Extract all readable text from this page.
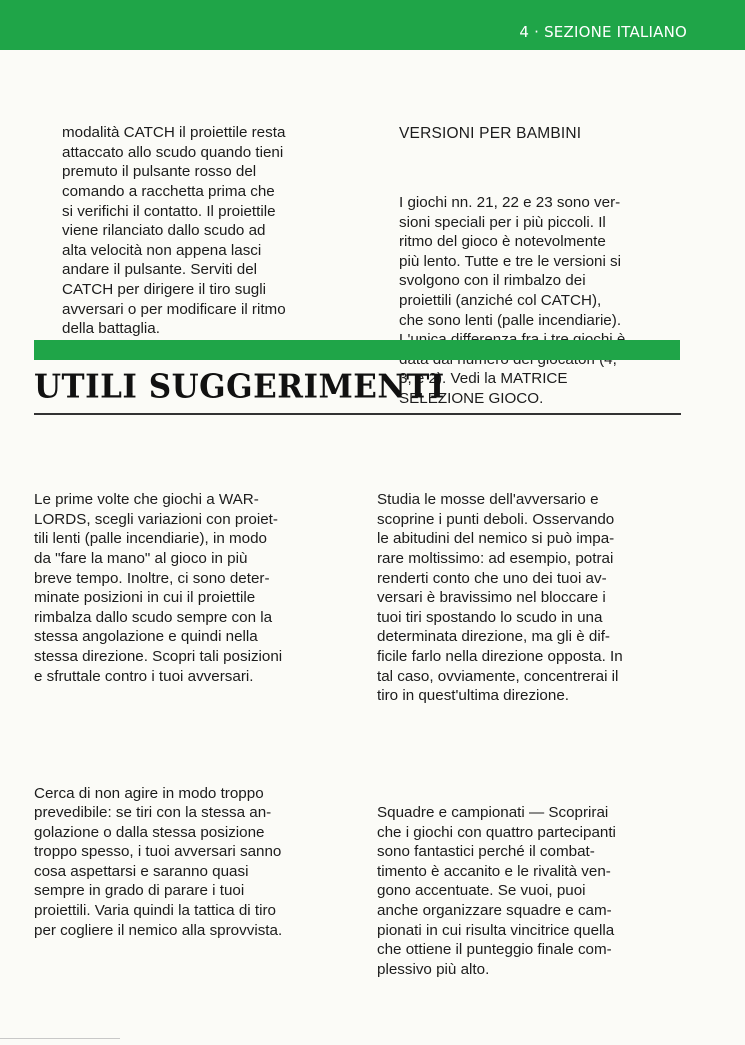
4 · SEZIONE ITALIANO

modalità CATCH il proiettile resta
attaccato allo scudo quando tieni
premuto il pulsante rosso del
comando a racchetta prima che
si verifichi il contatto. Il proiettile
viene rilanciato dallo scudo ad
alta velocità non appena lasci
andare il pulsante. Serviti del
CATCH per dirigere il tiro sugli
avversari o per modificare il ritmo
della battaglia.

VERSIONI PER BAMBINI

I giochi nn. 21, 22 e 23 sono ver-
sioni speciali per i più piccoli. Il
ritmo del gioco è notevolmente
più lento. Tutte e tre le versioni si
svolgono con il rimbalzo dei
proiettili (anziché col CATCH),
che sono lenti (palle incendiarie).
3, e 2). Vedi la MATRICE
SELEZIONE GIOCO.

UTILI SUGGERIMENTI

Le prime volte che giochi a WAR-
LORDS, scegli variazioni con proiet-
tili lenti (palle incendiarie), in modo
da "fare la mano" al gioco in più
breve tempo. Inoltre, ci sono deter-
minate posizioni in cui il proiettile
rimbalza dallo scudo sempre con la
stessa angolazione e quindi nella
stessa direzione. Scopri tali posizioni
e sfruttale contro i tuoi avversari.

Cerca di non agire in modo troppo
prevedibile: se tiri con la stessa an-
golazione o dalla stessa posizione
troppo spesso, i tuoi avversari sanno
cosa aspettarsi e saranno quasi
sempre in grado di parare i tuoi
proiettili. Varia quindi la tattica di tiro
per cogliere il nemico alla sprovvista.

Studia le mosse dell'avversario e
scoprine i punti deboli. Osservando
le abitudini del nemico si può impa-
rare moltissimo: ad esempio, potrai
renderti conto che uno dei tuoi av-
versari è bravissimo nel bloccare i
tuoi tiri spostando lo scudo in una
determinata direzione, ma gli è dif-
ficile farlo nella direzione opposta. In
tal caso, ovviamente, concentrerai il
tiro in quest'ultima direzione.

Squadre e campionati — Scoprirai
che i giochi con quattro partecipanti
sono fantastici perché il combat-
timento è accanito e le rivalità ven-
gono accentuate. Se vuoi, puoi
anche organizzare squadre e cam-
pionati in cui risulta vincitrice quella
che ottiene il punteggio finale com-
plessivo più alto.
